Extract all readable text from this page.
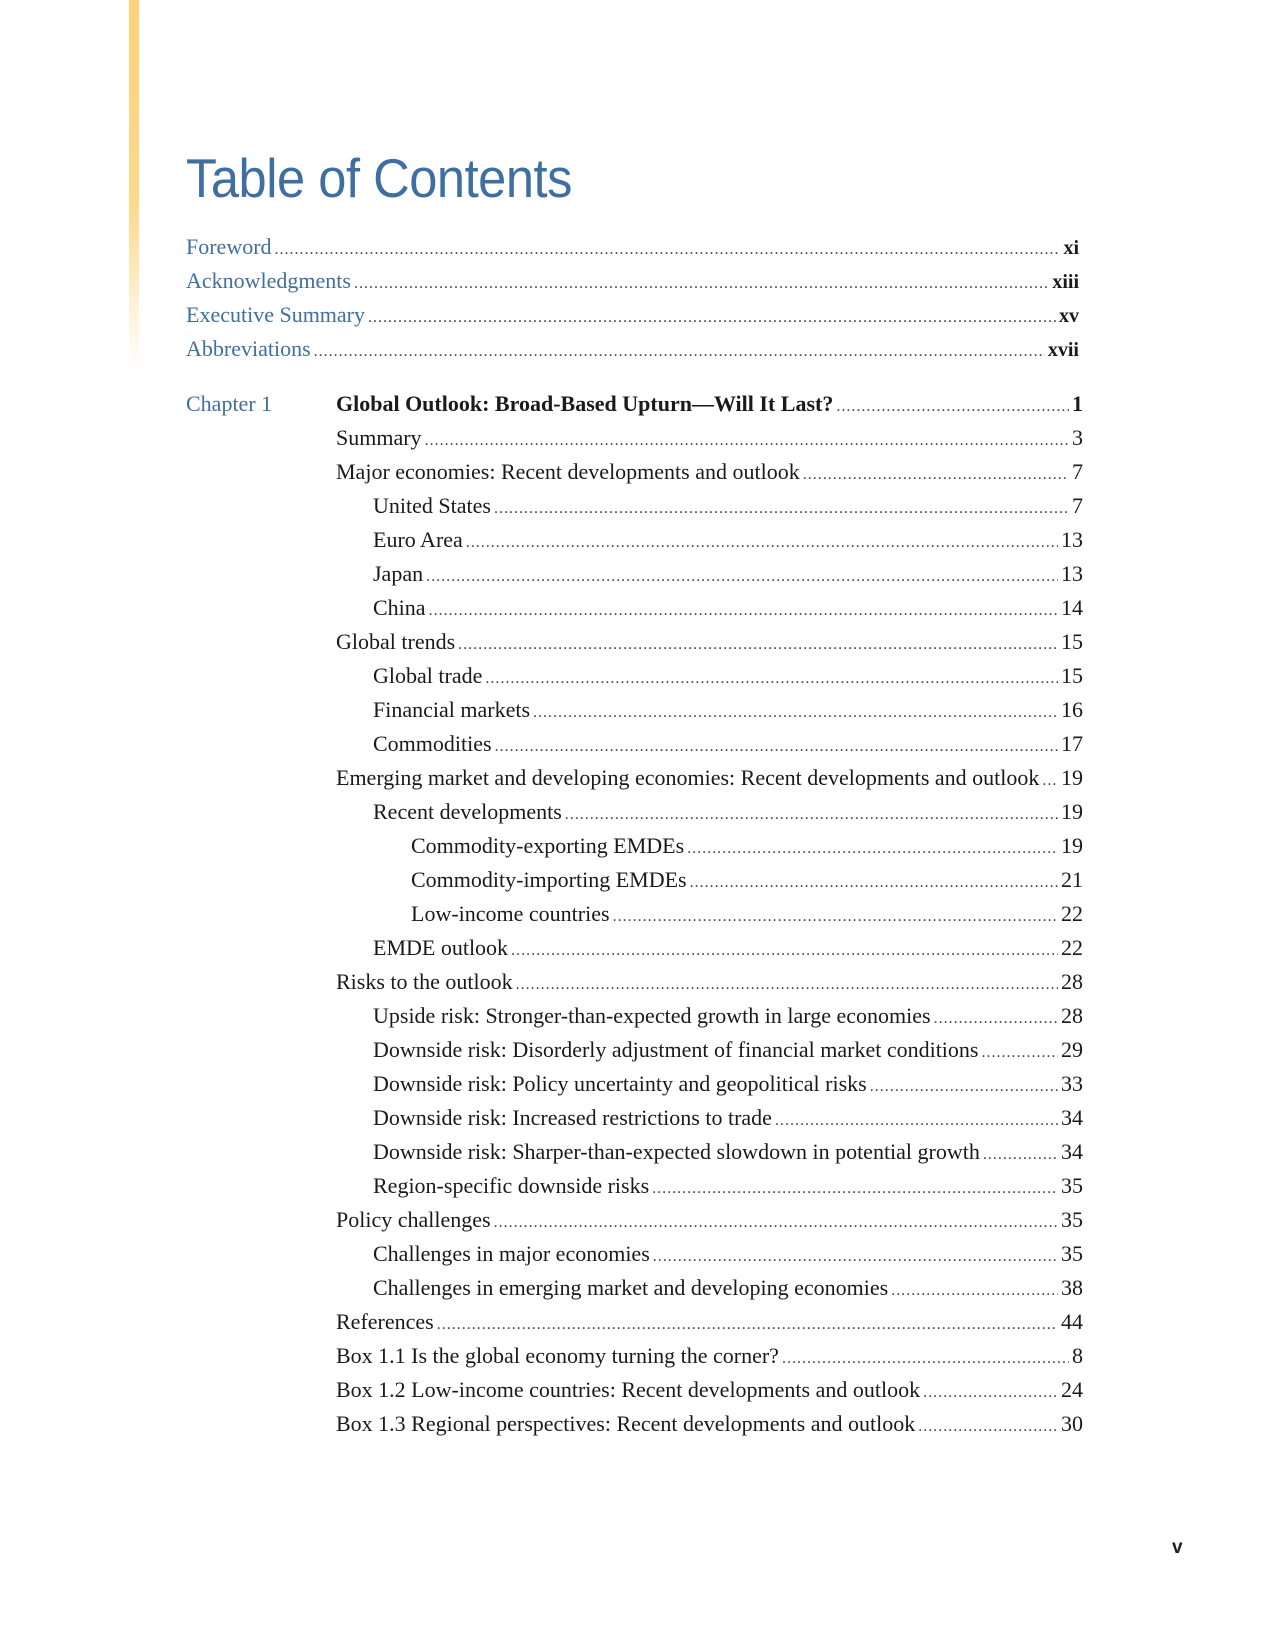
Table of Contents
Foreword .....	xi
Acknowledgments .....	xiii
Executive Summary .....	xv
Abbreviations .....	xvii
Chapter 1	Global Outlook: Broad-Based Upturn—Will It Last? .....	1
Summary .....	3
Major economies: Recent developments and outlook .....	7
United States .....	7
Euro Area .....	13
Japan .....	13
China .....	14
Global trends .....	15
Global trade .....	15
Financial markets .....	16
Commodities .....	17
Emerging market and developing economies: Recent developments and outlook ..... 19
Recent developments .....	19
Commodity-exporting EMDEs .....	19
Commodity-importing EMDEs .....	21
Low-income countries .....	22
EMDE outlook .....	22
Risks to the outlook .....	28
Upside risk: Stronger-than-expected growth in large economies .....	28
Downside risk: Disorderly adjustment of financial market conditions .....	29
Downside risk: Policy uncertainty and geopolitical risks .....	33
Downside risk: Increased restrictions to trade .....	34
Downside risk: Sharper-than-expected slowdown in potential growth .....	34
Region-specific downside risks .....	35
Policy challenges .....	35
Challenges in major economies .....	35
Challenges in emerging market and developing economies .....	38
References .....	44
Box 1.1 Is the global economy turning the corner? .....	8
Box 1.2 Low-income countries: Recent developments and outlook .....	24
Box 1.3 Regional perspectives: Recent developments and outlook .....	30
v
